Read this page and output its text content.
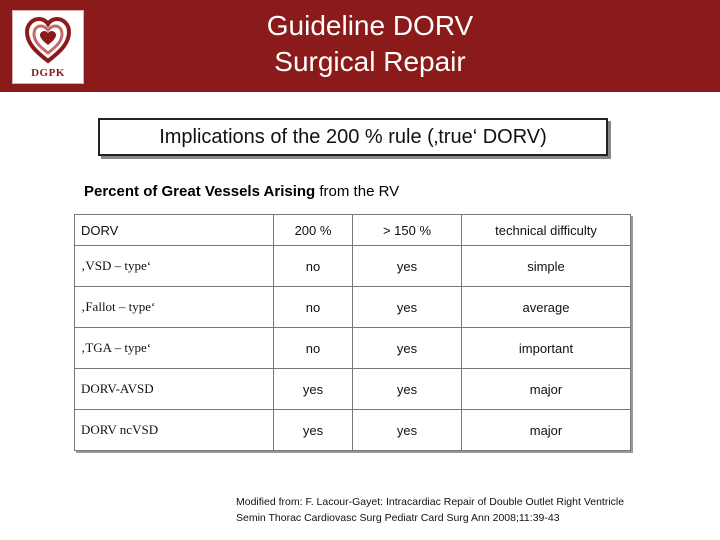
DGPK
Guideline DORV
Surgical Repair
Implications of the 200 % rule (‚true‘ DORV)
Percent of Great Vessels Arising from the RV
DORV	200 %	> 150 %	technical difficulty
‚VSD – type‘	no	yes	simple
‚Fallot – type‘	no	yes	average
‚TGA – type‘	no	yes	important
DORV-AVSD	yes	yes	major
DORV ncVSD	yes	yes	major
Modified from: F. Lacour-Gayet: Intracardiac Repair of Double Outlet Right Ventricle
Semin Thorac Cardiovasc Surg Pediatr Card Surg Ann 2008;11:39-43
